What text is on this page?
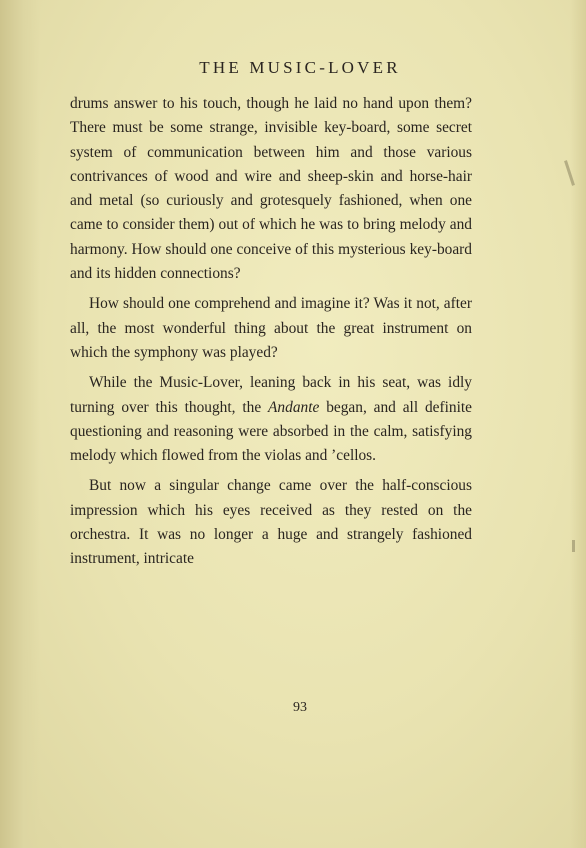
THE MUSIC-LOVER

drums answer to his touch, though he laid no hand upon them? There must be some strange, invisible key-board, some secret system of communication between him and those various contrivances of wood and wire and sheep-skin and horse-hair and metal (so curiously and grotesquely fashioned, when one came to consider them) out of which he was to bring melody and harmony. How should one conceive of this mysterious key-board and its hidden connections?

How should one comprehend and imagine it? Was it not, after all, the most wonderful thing about the great instrument on which the symphony was played?

While the Music-Lover, leaning back in his seat, was idly turning over this thought, the Andante began, and all definite questioning and reasoning were absorbed in the calm, satisfying melody which flowed from the violas and ’cellos.

But now a singular change came over the half-conscious impression which his eyes received as they rested on the orchestra. It was no longer a huge and strangely fashioned instrument, intricate

93
